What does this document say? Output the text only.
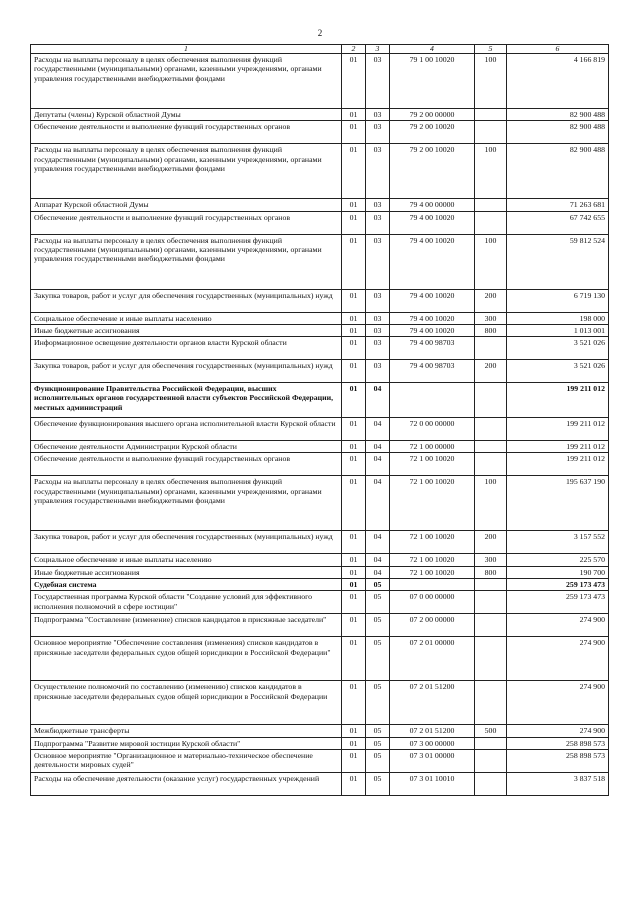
2
1	2	3	4	5	6
Расходы на выплаты персоналу в целях обеспечения выполнения функций государственными (муниципальными) органами, казенными учреждениями, органами управления государственными внебюджетными фондами	01	03	79 1 00 10020	100	4 166 819
Депутаты (члены) Курской областной Думы	01	03	79 2 00 00000		82 900 488
Обеспечение деятельности и выполнение функций государственных органов	01	03	79 2 00 10020		82 900 488
Расходы на выплаты персоналу в целях обеспечения выполнения функций государственными (муниципальными) органами, казенными учреждениями, органами управления государственными внебюджетными фондами	01	03	79 2 00 10020	100	82 900 488
Аппарат Курской областной Думы	01	03	79 4 00 00000		71 263 681
Обеспечение деятельности и выполнение функций государственных органов	01	03	79 4 00 10020		67 742 655
Расходы на выплаты персоналу в целях обеспечения выполнения функций государственными (муниципальными) органами, казенными учреждениями, органами управления государственными внебюджетными фондами	01	03	79 4 00 10020	100	59 812 524
Закупка товаров, работ и услуг для обеспечения государственных (муниципальных) нужд	01	03	79 4 00 10020	200	6 719 130
Социальное обеспечение и иные выплаты населению	01	03	79 4 00 10020	300	198 000
Иные бюджетные ассигнования	01	03	79 4 00 10020	800	1 013 001
Информационное освещение деятельности органов власти Курской области	01	03	79 4 00 98703		3 521 026
Закупка товаров, работ и услуг для обеспечения государственных (муниципальных) нужд	01	03	79 4 00 98703	200	3 521 026
Функционирование Правительства Российской Федерации, высших исполнительных органов государственной власти субъектов Российской Федерации, местных администраций	01	04			199 211 012
Обеспечение функционирования высшего органа исполнительной власти Курской области	01	04	72 0 00 00000		199 211 012
Обеспечение деятельности Администрации Курской области	01	04	72 1 00 00000		199 211 012
Обеспечение деятельности и выполнение функций государственных органов	01	04	72 1 00 10020		199 211 012
Расходы на выплаты персоналу в целях обеспечения выполнения функций государственными (муниципальными) органами, казенными учреждениями, органами управления государственными внебюджетными фондами	01	04	72 1 00 10020	100	195 637 190
Закупка товаров, работ и услуг для обеспечения государственных (муниципальных) нужд	01	04	72 1 00 10020	200	3 157 552
Социальное обеспечение и иные выплаты населению	01	04	72 1 00 10020	300	225 570
Иные бюджетные ассигнования	01	04	72 1 00 10020	800	190 700
Судебная система	01	05			259 173 473
Государственная программа Курской области "Создание условий для эффективного исполнения полномочий в сфере юстиции"	01	05	07 0 00 00000		259 173 473
Подпрограмма "Составление (изменение) списков кандидатов в присяжные заседатели"	01	05	07 2 00 00000		274 900
Основное мероприятие "Обеспечение составления (изменения) списков кандидатов в присяжные заседатели федеральных судов общей юрисдикции в Российской Федерации"	01	05	07 2 01 00000		274 900
Осуществление полномочий по составлению (изменению) списков кандидатов в присяжные заседатели федеральных судов общей юрисдикции в Российской Федерации	01	05	07 2 01 51200		274 900
Межбюджетные трансферты	01	05	07 2 01 51200	500	274 900
Подпрограмма "Развитие мировой юстиции Курской области"	01	05	07 3 00 00000		258 898 573
Основное мероприятие "Организационное и материально-техническое обеспечение деятельности мировых судей"	01	05	07 3 01 00000		258 898 573
Расходы на обеспечение деятельности (оказание услуг) государственных учреждений	01	05	07 3 01 10010		3 837 518
